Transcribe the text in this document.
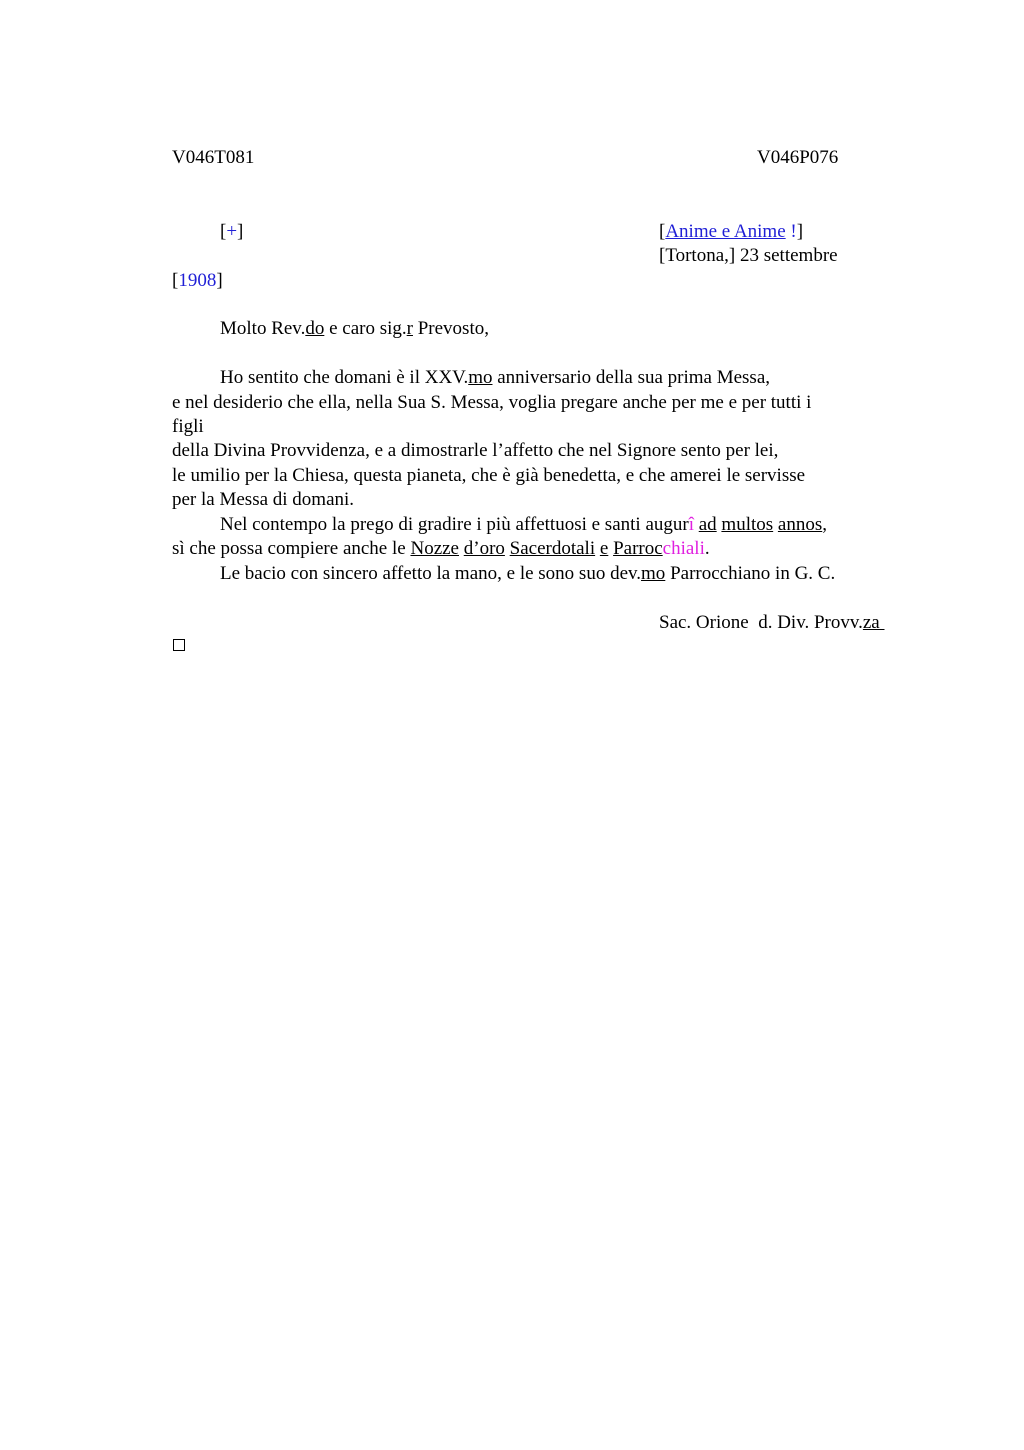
V046T081	V046P076
[+]	[Anime e Anime !]
[Tortona,] 23 settembre
[1908]
Molto Rev.do e caro sig.r Prevosto,
Ho sentito che domani è il XXV.mo anniversario della sua prima Messa,
e nel desiderio che ella, nella Sua S. Messa, voglia pregare anche per me e per tutti i
figli
della Divina Provvidenza, e a dimostrarle l’affetto che nel Signore sento per lei,
le umilio per la Chiesa, questa pianeta, che è già benedetta, e che amerei le servisse
per la Messa di domani.
Nel contempo la prego di gradire i più affettuosi e santi augurî ad multos annos,
sì che possa compiere anche le Nozze d’oro Sacerdotali e Parrocchiali.
Le bacio con sincero affetto la mano, e le sono suo dev.mo Parrocchiano in G. C.
Sac. Orione  d. Div. Provv.za
